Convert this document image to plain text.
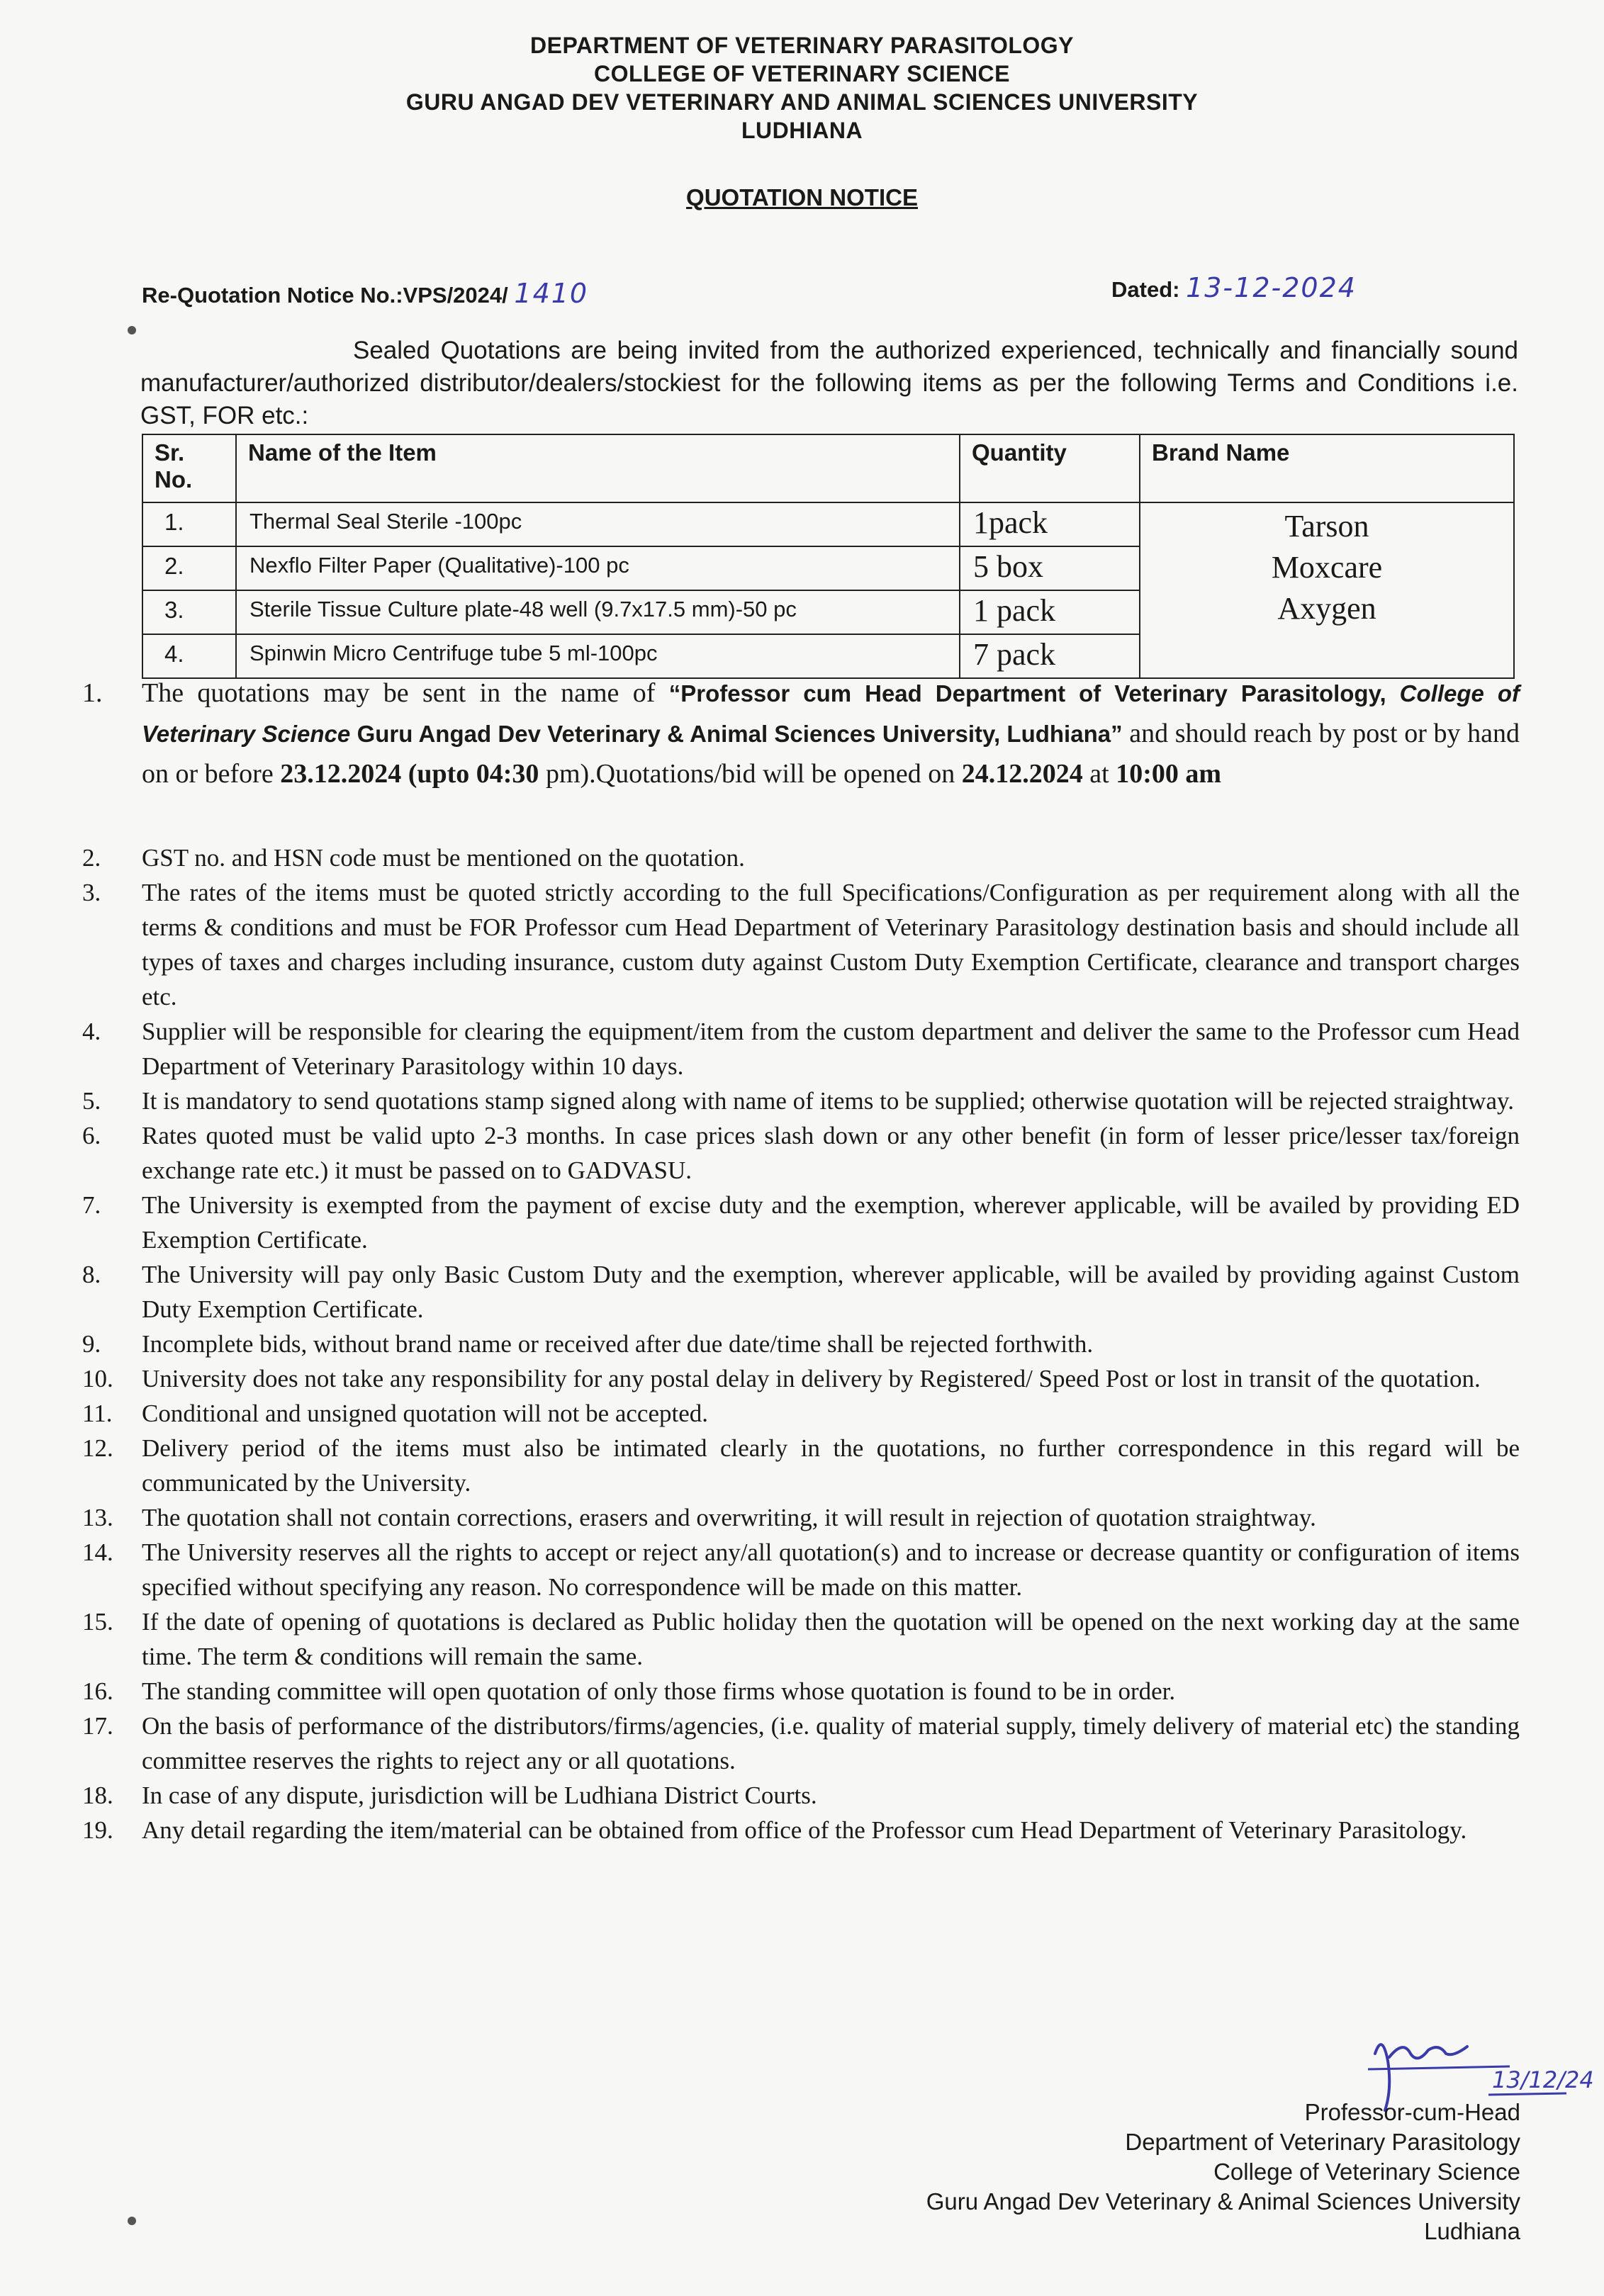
DEPARTMENT OF VETERINARY PARASITOLOGY
COLLEGE OF VETERINARY SCIENCE
GURU ANGAD DEV VETERINARY AND ANIMAL SCIENCES UNIVERSITY
LUDHIANA
QUOTATION NOTICE
Re-Quotation Notice No.:VPS/2024/ 1410	Dated: 13-12-2024
Sealed Quotations are being invited from the authorized experienced, technically and financially sound manufacturer/authorized distributor/dealers/stockiest for the following items as per the following Terms and Conditions i.e. GST, FOR etc.:
Sr. No.	Name of the Item	Quantity	Brand Name
1.	Thermal Seal Sterile -100pc	1pack	Tarson
Moxcare
Axygen

2.	Nexflo Filter Paper (Qualitative)-100 pc	5 box	
3.	Sterile Tissue Culture plate-48 well (9.7x17.5 mm)-50 pc	1 pack	
4.	Spinwin Micro Centrifuge tube 5 ml-100pc	7 pack	
1.	The quotations may be sent in the name of “Professor cum Head Department of Veterinary Parasitology, College of Veterinary Science Guru Angad Dev Veterinary & Animal Sciences University, Ludhiana” and should reach by post or by hand on or before 23.12.2024 (upto 04:30 pm).Quotations/bid will be opened on 24.12.2024 at 10:00 am
2.	GST no. and HSN code must be mentioned on the quotation.
3.	The rates of the items must be quoted strictly according to the full Specifications/Configuration as per requirement along with all the terms & conditions and must be FOR Professor cum Head Department of Veterinary Parasitology destination basis and should include all types of taxes and charges including insurance, custom duty against Custom Duty Exemption Certificate, clearance and transport charges etc.
4.	Supplier will be responsible for clearing the equipment/item from the custom department and deliver the same to the Professor cum Head Department of Veterinary Parasitology within 10 days.
5.	It is mandatory to send quotations stamp signed along with name of items to be supplied; otherwise quotation will be rejected straightway.
6.	Rates quoted must be valid upto 2-3 months. In case prices slash down or any other benefit (in form of lesser price/lesser tax/foreign exchange rate etc.) it must be passed on to GADVASU.
7.	The University is exempted from the payment of excise duty and the exemption, wherever applicable, will be availed by providing ED Exemption Certificate.
8.	The University will pay only Basic Custom Duty and the exemption, wherever applicable, will be availed by providing against Custom Duty Exemption Certificate.
9.	Incomplete bids, without brand name or received after due date/time shall be rejected forthwith.
10.	University does not take any responsibility for any postal delay in delivery by Registered/ Speed Post or lost in transit of the quotation.
11.	Conditional and unsigned quotation will not be accepted.
12.	Delivery period of the items must also be intimated clearly in the quotations, no further correspondence in this regard will be communicated by the University.
13.	The quotation shall not contain corrections, erasers and overwriting, it will result in rejection of quotation straightway.
14.	The University reserves all the rights to accept or reject any/all quotation(s) and to increase or decrease quantity or configuration of items specified without specifying any reason. No correspondence will be made on this matter.
15.	If the date of opening of quotations is declared as Public holiday then the quotation will be opened on the next working day at the same time. The term & conditions will remain the same.
16.	The standing committee will open quotation of only those firms whose quotation is found to be in order.
17.	On the basis of performance of the distributors/firms/agencies, (i.e. quality of material supply, timely delivery of material etc) the standing committee reserves the rights to reject any or all quotations.
18.	In case of any dispute, jurisdiction will be Ludhiana District Courts.
19.	Any detail regarding the item/material can be obtained from office of the Professor cum Head Department of Veterinary Parasitology.
13/12/24
Professor-cum-Head
Department of Veterinary Parasitology
College of Veterinary Science
Guru Angad Dev Veterinary & Animal Sciences University
Ludhiana
